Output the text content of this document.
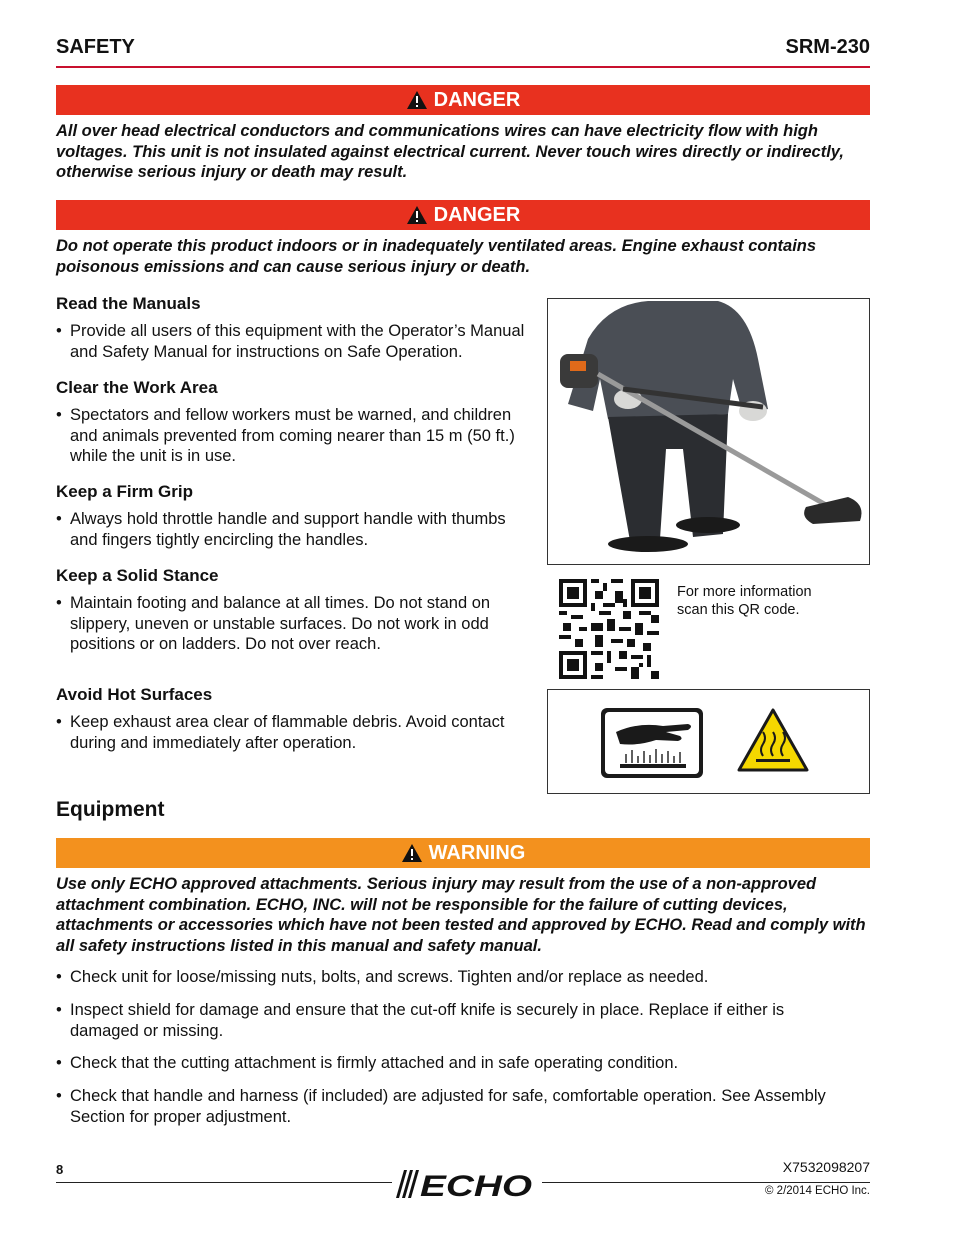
SAFETY	SRM-230
DANGER
All over head electrical conductors and communications wires can have electricity flow with high voltages. This unit is not insulated against electrical current. Never touch wires directly or indirectly, otherwise serious injury or death may result.
DANGER
Do not operate this product indoors or in inadequately ventilated areas. Engine exhaust contains poisonous emissions and can cause serious injury or death.
Read the Manuals
• Provide all users of this equipment with the Operator’s Manual and Safety Manual for instructions on Safe Operation.
Clear the Work Area
• Spectators and fellow workers must be warned, and children and animals prevented from coming nearer than 15 m (50 ft.) while the unit is in use.
Keep a Firm Grip
• Always hold throttle handle and support handle with thumbs and fingers tightly encircling the handles.
Keep a Solid Stance
• Maintain footing and balance at all times. Do not stand on slippery, uneven or unstable surfaces. Do not work in odd positions or on ladders. Do not over reach.
Avoid Hot Surfaces
• Keep exhaust area clear of flammable debris. Avoid contact during and immediately after operation.
For more information scan this QR code.
Equipment
WARNING
Use only ECHO approved attachments. Serious injury may result from the use of a non-approved attachment combination. ECHO, INC. will not be responsible for the failure of cutting devices, attachments or accessories which have not been tested and approved by ECHO. Read and comply with all safety instructions listed in this manual and safety manual.
• Check unit for loose/missing nuts, bolts, and screws. Tighten and/or replace as needed.
• Inspect shield for damage and ensure that the cut-off knife is securely in place. Replace if either is damaged or missing.
• Check that the cutting attachment is firmly attached and in safe operating condition.
• Check that handle and harness (if included) are adjusted for safe, comfortable operation. See Assembly Section for proper adjustment.
8	X7532098207
© 2/2014 ECHO Inc.
ECHO
